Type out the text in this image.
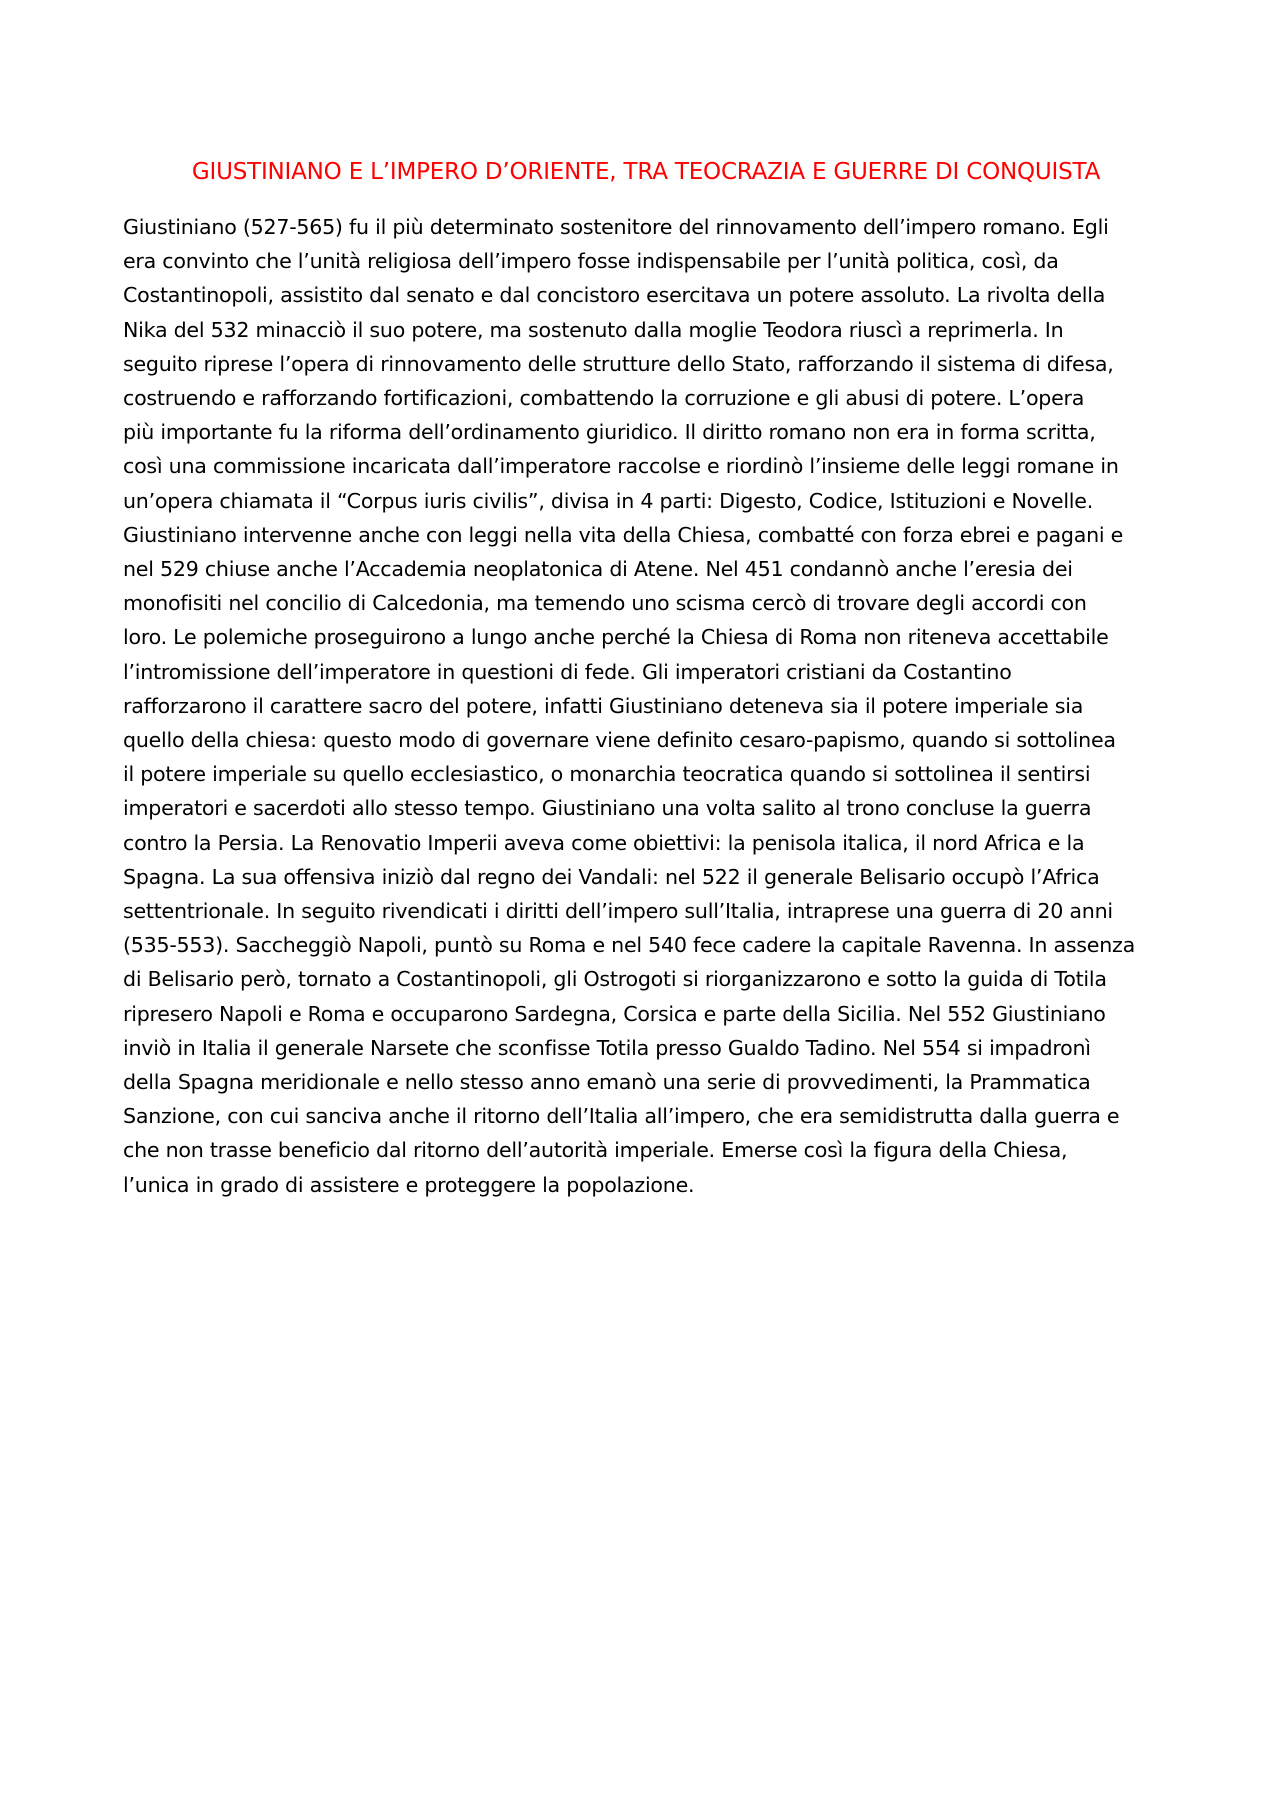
GIUSTINIANO E L’IMPERO D’ORIENTE, TRA TEOCRAZIA E GUERRE DI CONQUISTA
Giustiniano (527-565) fu il più determinato sostenitore del rinnovamento dell’impero romano. Egli
era convinto che l’unità religiosa dell’impero fosse indispensabile per l’unità politica, così, da
Costantinopoli, assistito dal senato e dal concistoro esercitava un potere assoluto. La rivolta della
Nika del 532 minacciò il suo potere, ma sostenuto dalla moglie Teodora riuscì a reprimerla. In
seguito riprese l’opera di rinnovamento delle strutture dello Stato, rafforzando il sistema di difesa,
costruendo e rafforzando fortificazioni, combattendo la corruzione e gli abusi di potere. L’opera
più importante fu la riforma dell’ordinamento giuridico. Il diritto romano non era in forma scritta,
così una commissione incaricata dall’imperatore raccolse e riordinò l’insieme delle leggi romane in
un’opera chiamata il “Corpus iuris civilis”, divisa in 4 parti: Digesto, Codice, Istituzioni e Novelle.
Giustiniano intervenne anche con leggi nella vita della Chiesa, combatté con forza ebrei e pagani e
nel 529 chiuse anche l’Accademia neoplatonica di Atene. Nel 451 condannò anche l’eresia dei
monofisiti nel concilio di Calcedonia, ma temendo uno scisma cercò di trovare degli accordi con
loro. Le polemiche proseguirono a lungo anche perché la Chiesa di Roma non riteneva accettabile
l’intromissione dell’imperatore in questioni di fede. Gli imperatori cristiani da Costantino
rafforzarono il carattere sacro del potere, infatti Giustiniano deteneva sia il potere imperiale sia
quello della chiesa: questo modo di governare viene definito cesaro-papismo, quando si sottolinea
il potere imperiale su quello ecclesiastico, o monarchia teocratica quando si sottolinea il sentirsi
imperatori e sacerdoti allo stesso tempo. Giustiniano una volta salito al trono concluse la guerra
contro la Persia. La Renovatio Imperii aveva come obiettivi: la penisola italica, il nord Africa e la
Spagna. La sua offensiva iniziò dal regno dei Vandali: nel 522 il generale Belisario occupò l’Africa
settentrionale. In seguito rivendicati i diritti dell’impero sull’Italia, intraprese una guerra di 20 anni
(535-553). Saccheggiò Napoli, puntò su Roma e nel 540 fece cadere la capitale Ravenna. In assenza
di Belisario però, tornato a Costantinopoli, gli Ostrogoti si riorganizzarono e sotto la guida di Totila
ripresero Napoli e Roma e occuparono Sardegna, Corsica e parte della Sicilia. Nel 552 Giustiniano
inviò in Italia il generale Narsete che sconfisse Totila presso Gualdo Tadino. Nel 554 si impadronì
della Spagna meridionale e nello stesso anno emanò una serie di provvedimenti, la Prammatica
Sanzione, con cui sanciva anche il ritorno dell’Italia all’impero, che era semidistrutta dalla guerra e
che non trasse beneficio dal ritorno dell’autorità imperiale. Emerse così la figura della Chiesa,
l’unica in grado di assistere e proteggere la popolazione.
